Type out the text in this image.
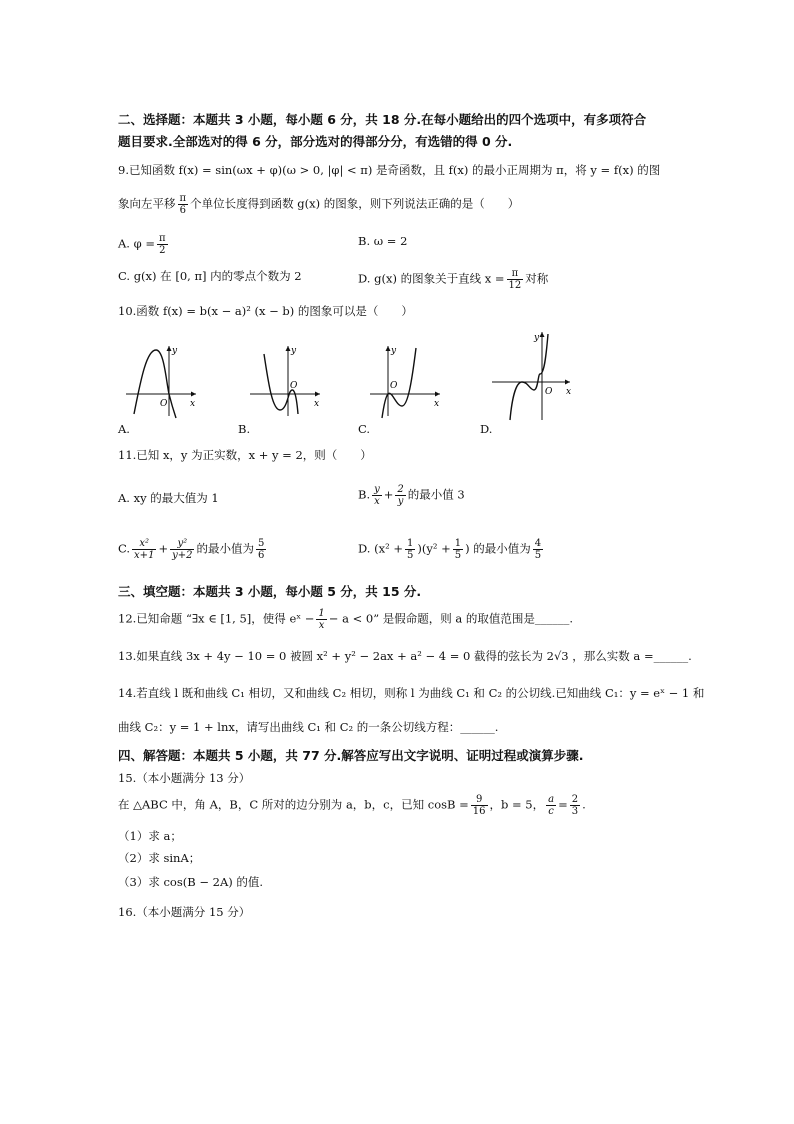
二、选择题：本题共 3 小题，每小题 6 分，共 18 分.在每小题给出的四个选项中，有多项符合
题目要求.全部选对的得 6 分，部分选对的得部分分，有选错的得 0 分.
9.已知函数 f(x) = sin(ωx + φ)(ω > 0, |φ| < π) 是奇函数，且 f(x) 的最小正周期为 π，将 y = f(x) 的图
象向左平移 $\frac{\pi}{6}$ 个单位长度得到函数 g(x) 的图象，则下列说法正确的是（　　）
A. $\varphi = \frac{\pi}{2}$	B. ω = 2
C. g(x) 在 [0, π] 内的零点个数为 2	D. g(x) 的图象关于直线 $x = \frac{\pi}{12}$ 对称
10.函数 f(x) = b(x − a)² (x − b) 的图象可以是（　　）
y
x
O
A.
y
x
O
B.
y
x
O
C.
y
x
O
D.
11.已知 x，y 为正实数，x + y = 2，则（　　）
A. xy 的最大值为 1	B. $\frac{y}{x} + \frac{2}{y}$ 的最小值 3
C. $\frac{\text{x²}}{x+1} + \frac{\text{y²}}{y+2}$ 的最小值为 $\frac{5}{6}$	D. $(x^2 + \frac{1}{5} )(y^2 + \frac{1}{5}$ ) 的最小值为 $\frac{4}{5}$
三、填空题：本题共 3 小题，每小题 5 分，共 15 分.
12.已知命题 “∃x ∈ [1, 5]，使得 eˣ − $\frac{1}{x} - a < 0$” 是假命题，则 a 的取值范围是______.
13.如果直线 3x + 4y − 10 = 0 被圆 x² + y² − 2ax + a² − 4 = 0 截得的弦长为 2√3 ，那么实数 a =______.
14.若直线 l 既和曲线 C₁ 相切，又和曲线 C₂ 相切，则称 l 为曲线 C₁ 和 C₂ 的公切线.已知曲线 C₁：y = eˣ − 1 和
曲线 C₂：y = 1 + lnx，请写出曲线 C₁ 和 C₂ 的一条公切线方程：______.
四、解答题：本题共 5 小题，共 77 分.解答应写出文字说明、证明过程或演算步骤.
15.（本小题满分 13 分）
在 △ABC 中，角 A，B，C 所对的边分别为 a，b，c，已知 $\cos B = \frac{9}{16}$ ，b = 5， $\frac{a}{c} = \frac{2}{3}$ .
（1）求 a；
（2）求 sinA；
（3）求 cos(B − 2A) 的值.
16.（本小题满分 15 分）
